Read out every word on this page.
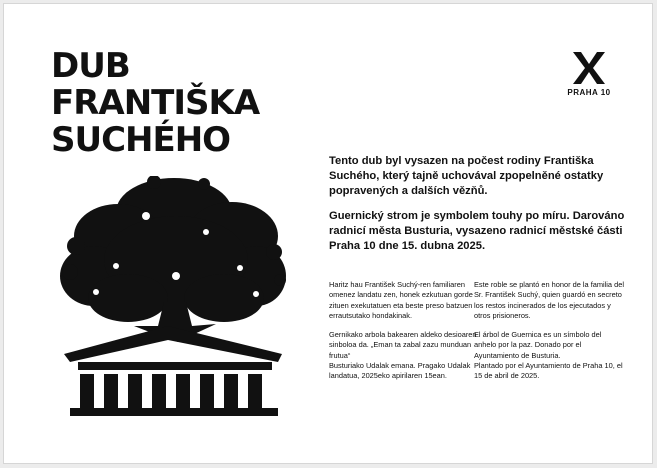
DUB
FRANTIŠKA
SUCHÉHO
PRAHA 10

Tento dub byl vysazen na počest rodiny Františka Suchého, který tajně uchovával zpopelněné ostatky popravených a dalších vězňů.

Guernický strom je symbolem touhy po míru. Darováno radnicí města Busturia, vysazeno radnicí městské části Praha 10 dne 15. dubna 2025.

Haritz hau František Suchý-ren familiaren omenez landatu zen, honek ezkutuan gorde zituen exekutatuen eta beste preso batzuen errautsutako hondakinak.

Gernikako arbola bakearen aldeko desioaren sinboloa da. „Eman ta zabal zazu munduan frutua“

Busturiako Udalak emana. Pragako Udalak landatua, 2025eko apirilaren 15ean.

Este roble se plantó en honor de la familia del Sr. František Suchý, quien guardó en secreto los restos incinerados de los ejecutados y otros prisioneros.

El árbol de Guernica es un símbolo del anhelo por la paz. Donado por el Ayuntamiento de Busturia.

Plantado por el Ayuntamiento de Praha 10, el 15 de abril de 2025.
